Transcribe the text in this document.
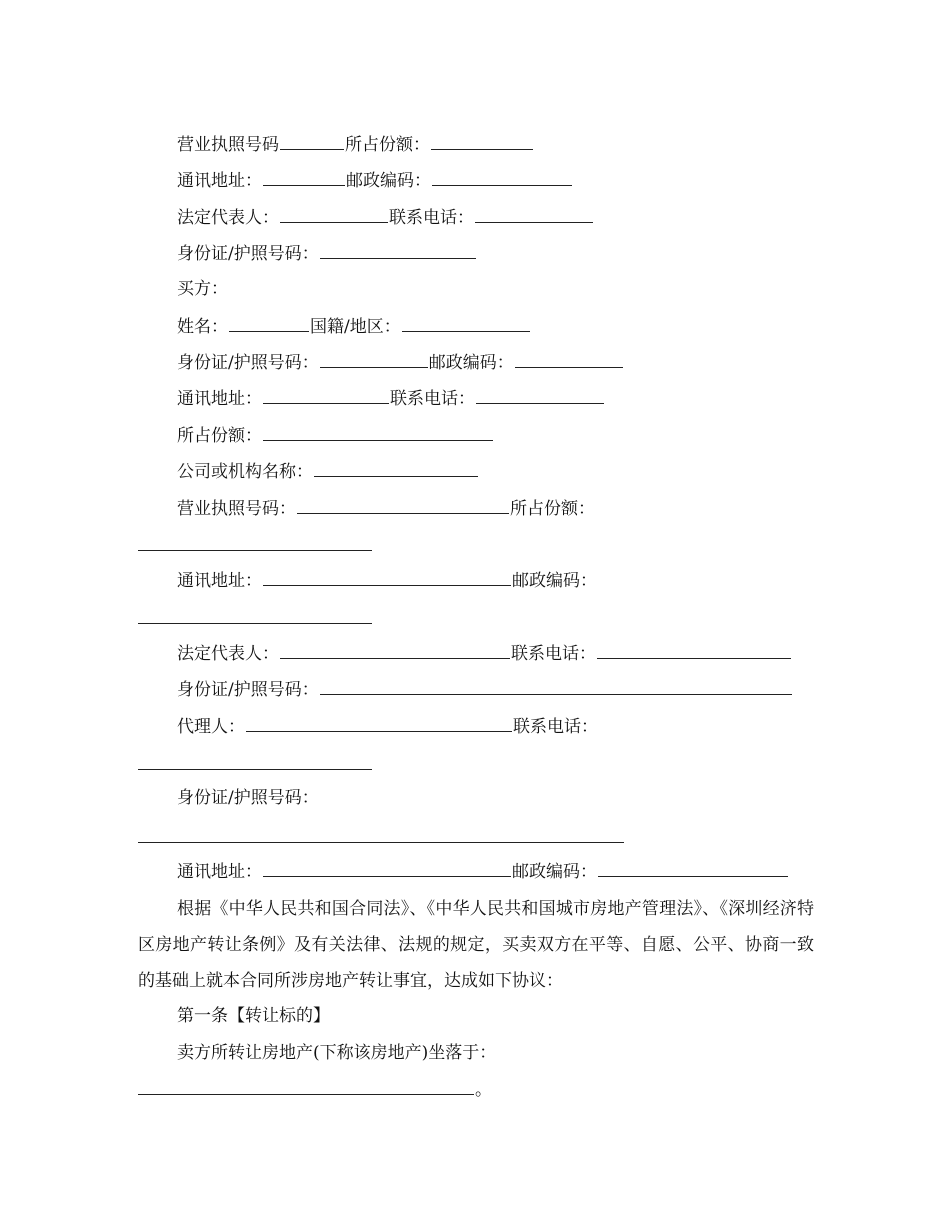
营业执照号码	所占份额：
通讯地址：	邮政编码：
法定代表人：	联系电话：
身份证/护照号码：
买方：
姓名：	国籍/地区：
身份证/护照号码：	邮政编码：
通讯地址：	联系电话：
所占份额：
公司或机构名称：
营业执照号码：	所占份额：
通讯地址：	邮政编码：
法定代表人：	联系电话：
身份证/护照号码：
代理人：	联系电话：
身份证/护照号码：
通讯地址：	邮政编码：
根据《中华人民共和国合同法》、《中华人民共和国城市房地产管理法》、《深圳经济特区房地产转让条例》及有关法律、法规的规定，买卖双方在平等、自愿、公平、协商一致的基础上就本合同所涉房地产转让事宜，达成如下协议：
第一条【转让标的】
卖方所转让房地产(下称该房地产)坐落于：
。
